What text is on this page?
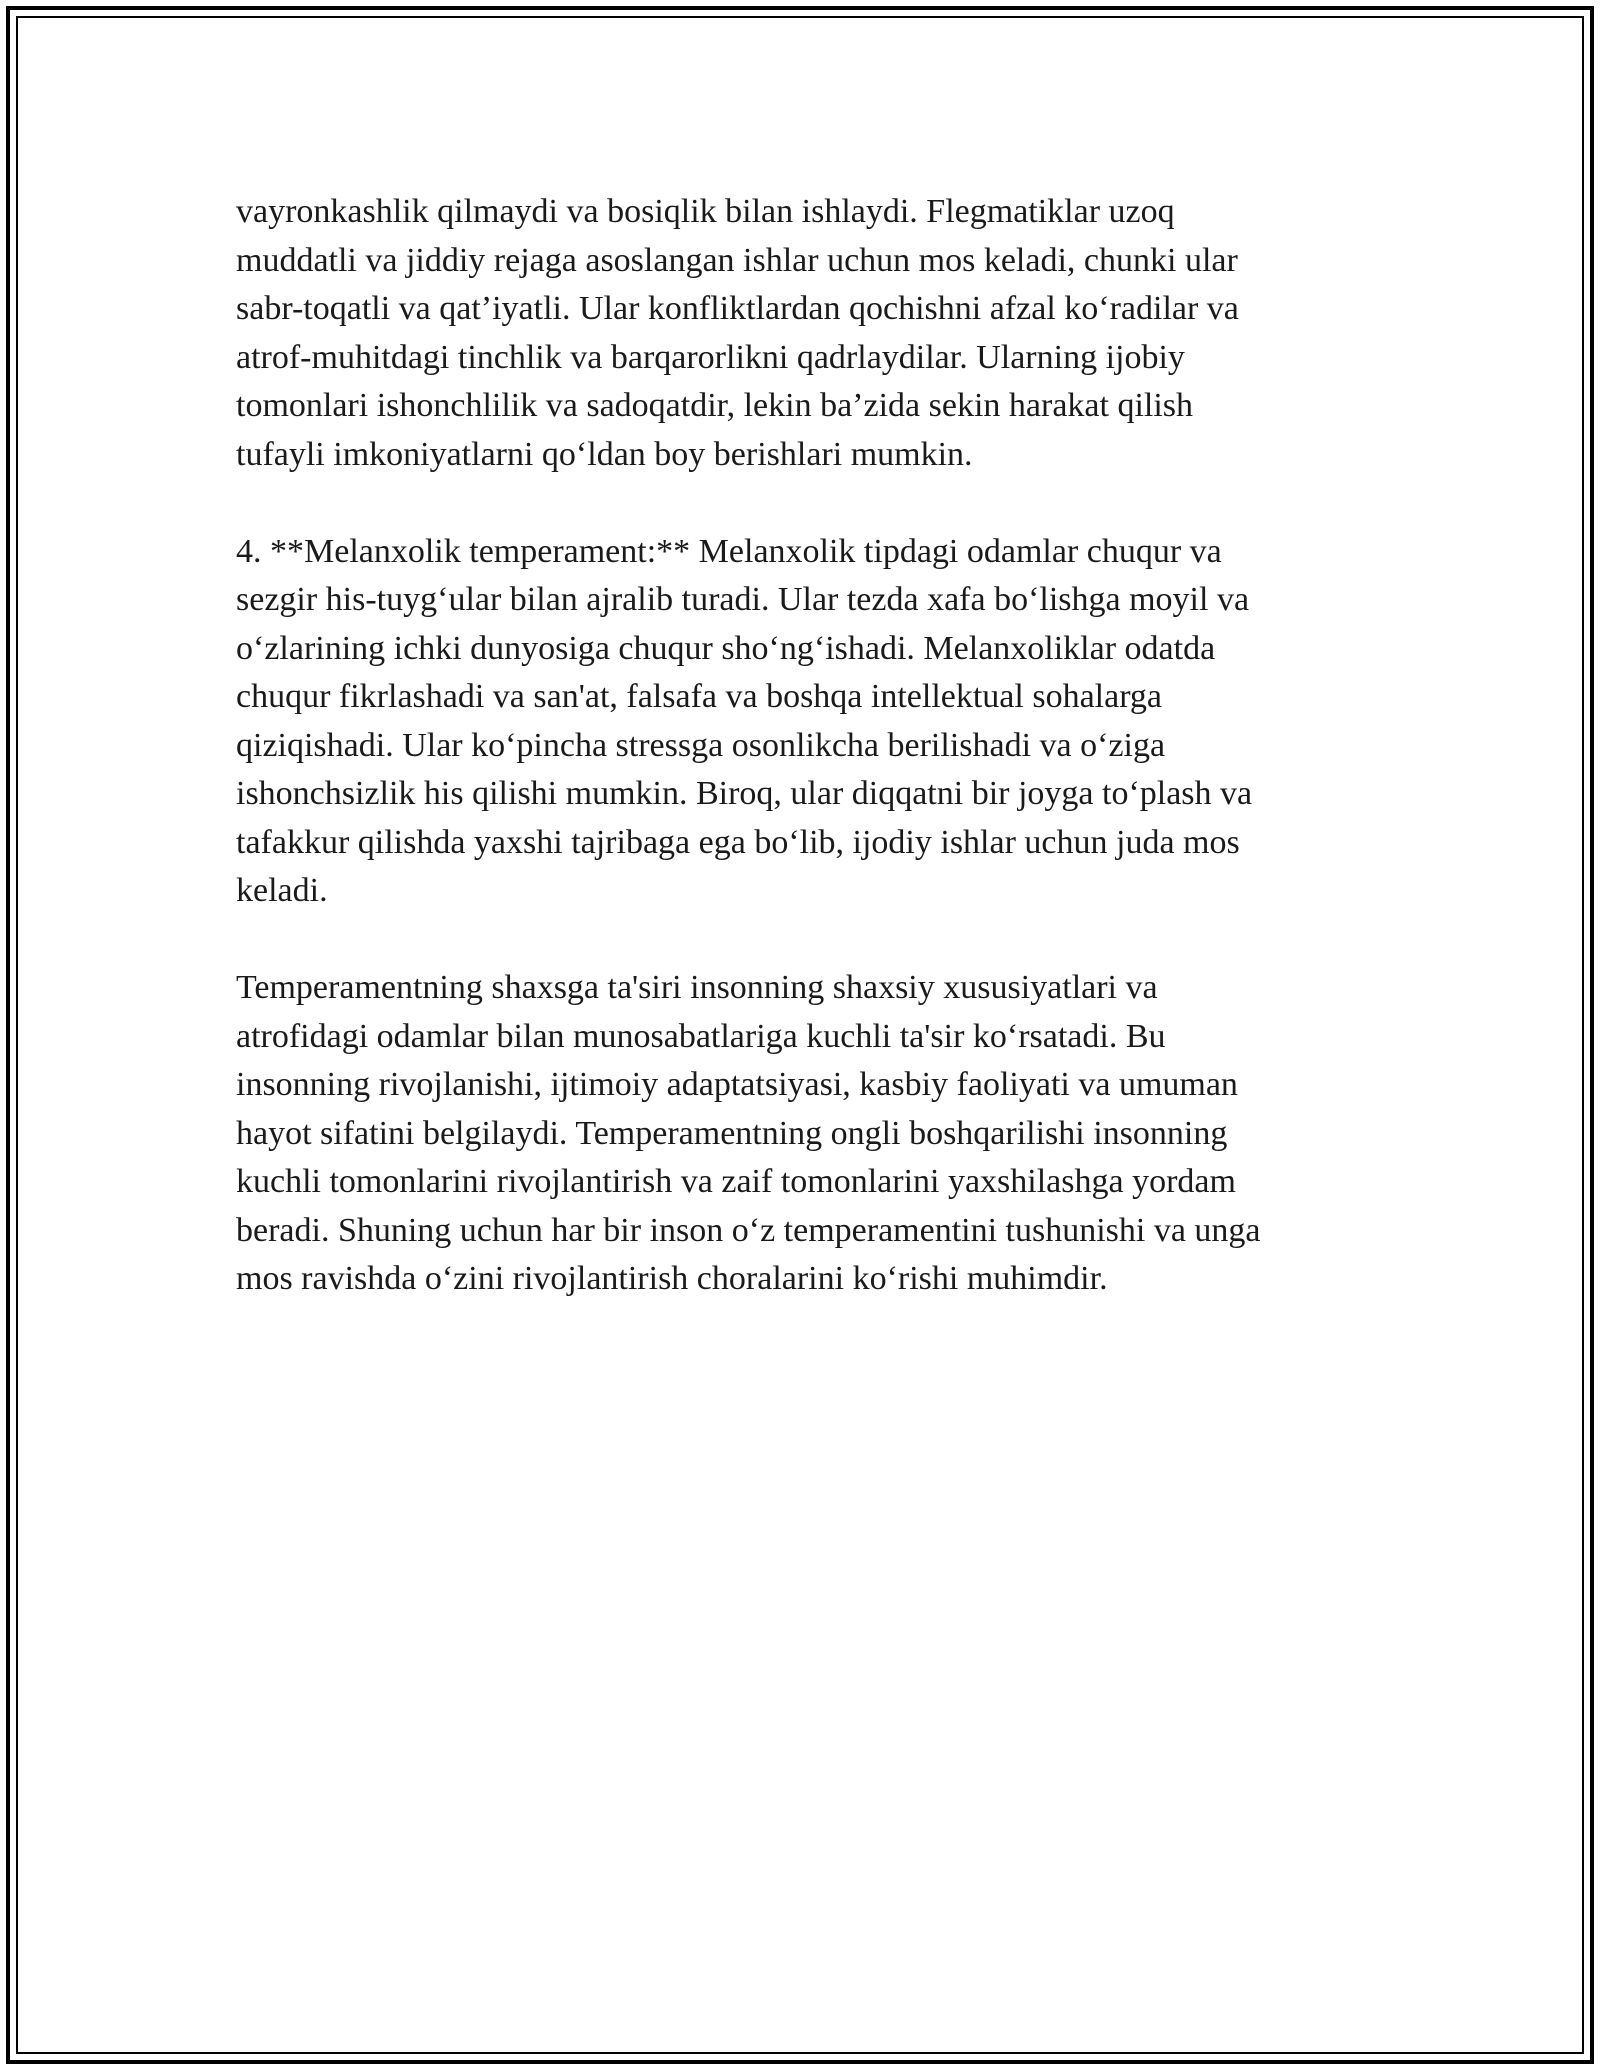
vayronkashlik qilmaydi va bosiqlik bilan ishlaydi. Flegmatiklar uzoq
muddatli va jiddiy rejaga asoslangan ishlar uchun mos keladi, chunki ular
sabr-toqatli va qat’iyatli. Ular konfliktlardan qochishni afzal ko‘radilar va
atrof-muhitdagi tinchlik va barqarorlikni qadrlaydilar. Ularning ijobiy
tomonlari ishonchlilik va sadoqatdir, lekin ba’zida sekin harakat qilish
tufayli imkoniyatlarni qo‘ldan boy berishlari mumkin.

4. **Melanxolik temperament:** Melanxolik tipdagi odamlar chuqur va
sezgir his-tuyg‘ular bilan ajralib turadi. Ular tezda xafa bo‘lishga moyil va
o‘zlarining ichki dunyosiga chuqur sho‘ng‘ishadi. Melanxoliklar odatda
chuqur fikrlashadi va san'at, falsafa va boshqa intellektual sohalarga
qiziqishadi. Ular ko‘pincha stressga osonlikcha berilishadi va o‘ziga
ishonchsizlik his qilishi mumkin. Biroq, ular diqqatni bir joyga to‘plash va
tafakkur qilishda yaxshi tajribaga ega bo‘lib, ijodiy ishlar uchun juda mos
keladi.

Temperamentning shaxsga ta'siri insonning shaxsiy xususiyatlari va
atrofidagi odamlar bilan munosabatlariga kuchli ta'sir ko‘rsatadi. Bu
insonning rivojlanishi, ijtimoiy adaptatsiyasi, kasbiy faoliyati va umuman
hayot sifatini belgilaydi. Temperamentning ongli boshqarilishi insonning
kuchli tomonlarini rivojlantirish va zaif tomonlarini yaxshilashga yordam
beradi. Shuning uchun har bir inson o‘z temperamentini tushunishi va unga
mos ravishda o‘zini rivojlantirish choralarini ko‘rishi muhimdir.
